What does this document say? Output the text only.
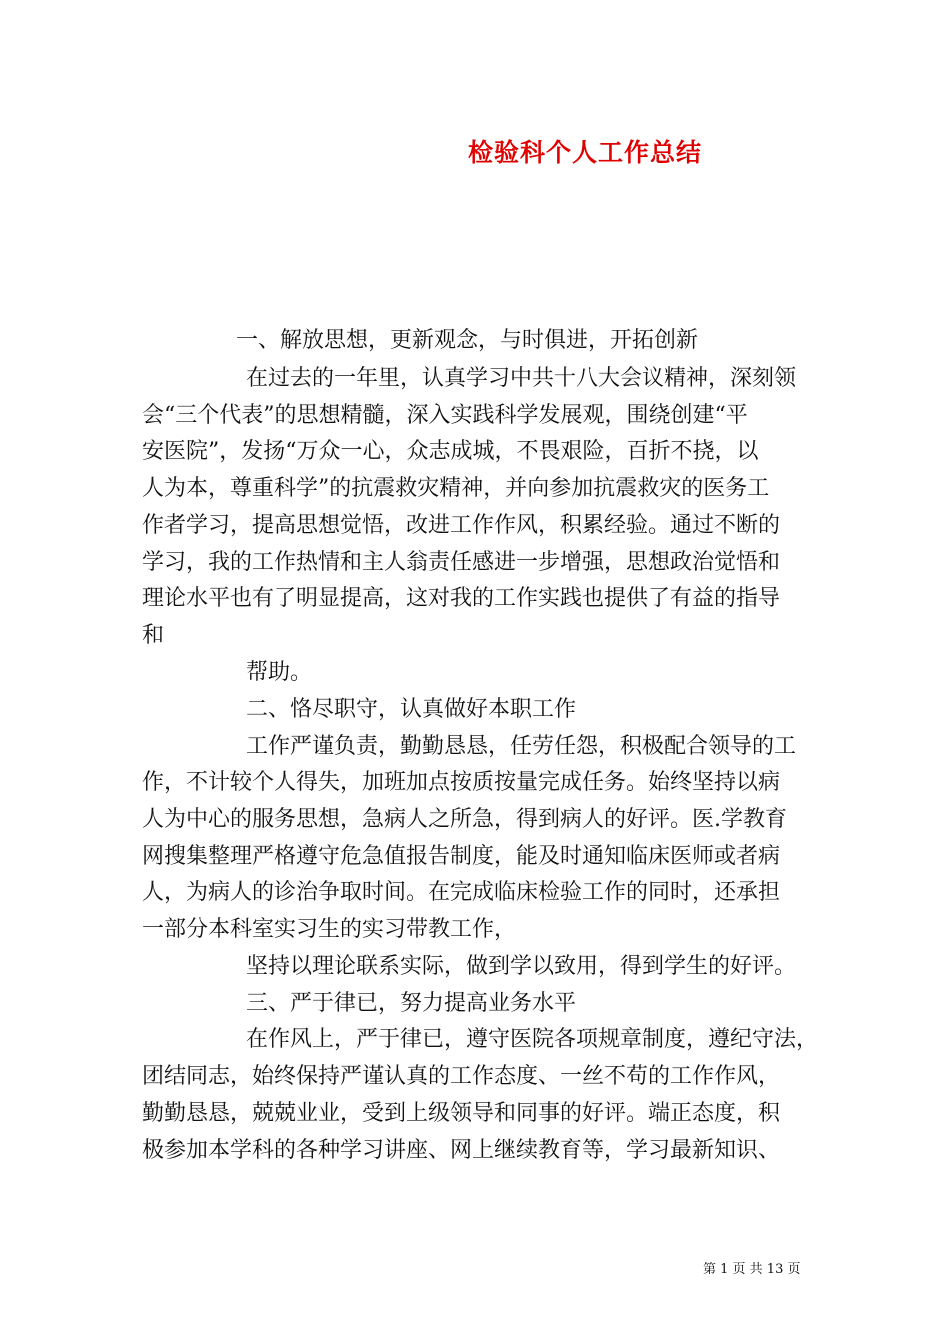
检验科个人工作总结
一、解放思想，更新观念，与时俱进，开拓创新
在过去的一年里，认真学习中共十八大会议精神，深刻领
会“三个代表”的思想精髓，深入实践科学发展观，围绕创建“平
安医院”，发扬“万众一心，众志成城，不畏艰险，百折不挠，以
人为本，尊重科学”的抗震救灾精神，并向参加抗震救灾的医务工
作者学习，提高思想觉悟，改进工作作风，积累经验。通过不断的
学习，我的工作热情和主人翁责任感进一步增强，思想政治觉悟和
理论水平也有了明显提高，这对我的工作实践也提供了有益的指导
和
帮助。
二、恪尽职守，认真做好本职工作
工作严谨负责，勤勤恳恳，任劳任怨，积极配合领导的工
作，不计较个人得失，加班加点按质按量完成任务。始终坚持以病
人为中心的服务思想，急病人之所急，得到病人的好评。医.学教育
网搜集整理严格遵守危急值报告制度，能及时通知临床医师或者病
人，为病人的诊治争取时间。在完成临床检验工作的同时，还承担
一部分本科室实习生的实习带教工作，
坚持以理论联系实际，做到学以致用，得到学生的好评。
三、严于律已，努力提高业务水平
在作风上，严于律已，遵守医院各项规章制度，遵纪守法，
团结同志，始终保持严谨认真的工作态度、一丝不苟的工作作风，
勤勤恳恳，兢兢业业，受到上级领导和同事的好评。端正态度，积
极参加本学科的各种学习讲座、网上继续教育等，学习最新知识、
第 1 页 共 13 页
